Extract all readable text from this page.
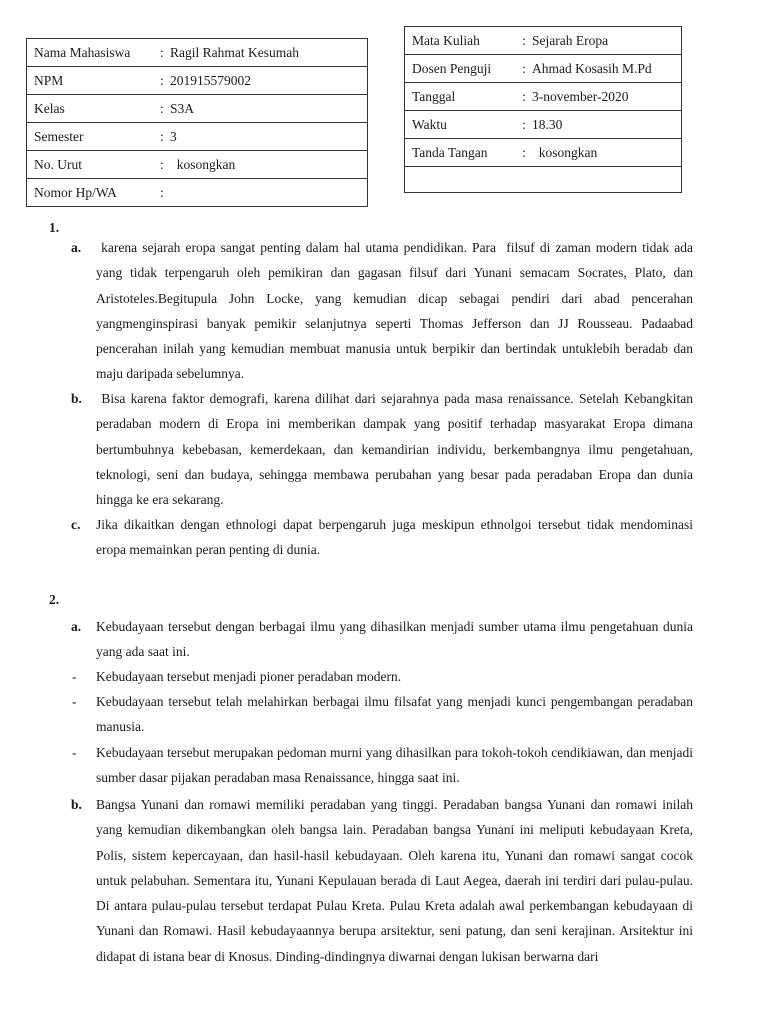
Nama Mahasiswa : Ragil Rahmat Kesumah
NPM	: 201915579002
Kelas	: S3A
Semester	: 3
No. Urut	:  kosongkan
Nomor Hp/WA	:
Mata Kuliah	: Sejarah Eropa
Dosen Penguji : Ahmad Kosasih M.Pd
Tanggal	: 3-november-2020
Waktu	: 18.30
Tanda Tangan	:  kosongkan

1.
a. karena sejarah eropa sangat penting dalam hal utama pendidikan. Para  filsuf di zaman modern tidak ada yang tidak terpengaruh oleh pemikiran dan gagasan filsuf dari Yunani semacam Socrates, Plato, dan Aristoteles.Begitupula John Locke, yang kemudian dicap sebagai pendiri dari abad pencerahan yangmenginspirasi banyak pemikir selanjutnya seperti Thomas Jefferson dan JJ Rousseau. Padaabad pencerahan inilah yang kemudian membuat manusia untuk berpikir dan bertindak untuklebih beradab dan maju daripada sebelumnya.
b. Bisa karena faktor demografi, karena dilihat dari sejarahnya pada masa renaissance. Setelah Kebangkitan peradaban modern di Eropa ini memberikan dampak yang positif terhadap masyarakat Eropa dimana bertumbuhnya kebebasan, kemerdekaan, dan kemandirian individu, berkembangnya ilmu pengetahuan, teknologi, seni dan budaya, sehingga membawa perubahan yang besar pada peradaban Eropa dan dunia hingga ke era sekarang.
c. Jika dikaitkan dengan ethnologi dapat berpengaruh juga meskipun ethnolgoi tersebut tidak mendominasi eropa memainkan peran penting di dunia.
2.
a. Kebudayaan tersebut dengan berbagai ilmu yang dihasilkan menjadi sumber utama ilmu pengetahuan dunia yang ada saat ini.
- Kebudayaan tersebut menjadi pioner peradaban modern.
- Kebudayaan tersebut telah melahirkan berbagai ilmu filsafat yang menjadi kunci pengembangan peradaban manusia.
- Kebudayaan tersebut merupakan pedoman murni yang dihasilkan para tokoh-tokoh cendikiawan, dan menjadi sumber dasar pijakan peradaban masa Renaissance, hingga saat ini.
b. Bangsa Yunani dan romawi memiliki peradaban yang tinggi. Peradaban bangsa Yunani dan romawi inilah yang kemudian dikembangkan oleh bangsa lain. Peradaban bangsa Yunani ini meliputi kebudayaan Kreta, Polis, sistem kepercayaan, dan hasil-hasil kebudayaan. Oleh karena itu, Yunani dan romawi sangat cocok untuk pelabuhan. Sementara itu, Yunani Kepulauan berada di Laut Aegea, daerah ini terdiri dari pulau-pulau. Di antara pulau-pulau tersebut terdapat Pulau Kreta. Pulau Kreta adalah awal perkembangan kebudayaan di Yunani dan Romawi. Hasil kebudayaannya berupa arsitektur, seni patung, dan seni kerajinan. Arsitektur ini didapat di istana bear di Knosus. Dinding-dindingnya diwarnai dengan lukisan berwarna dari
